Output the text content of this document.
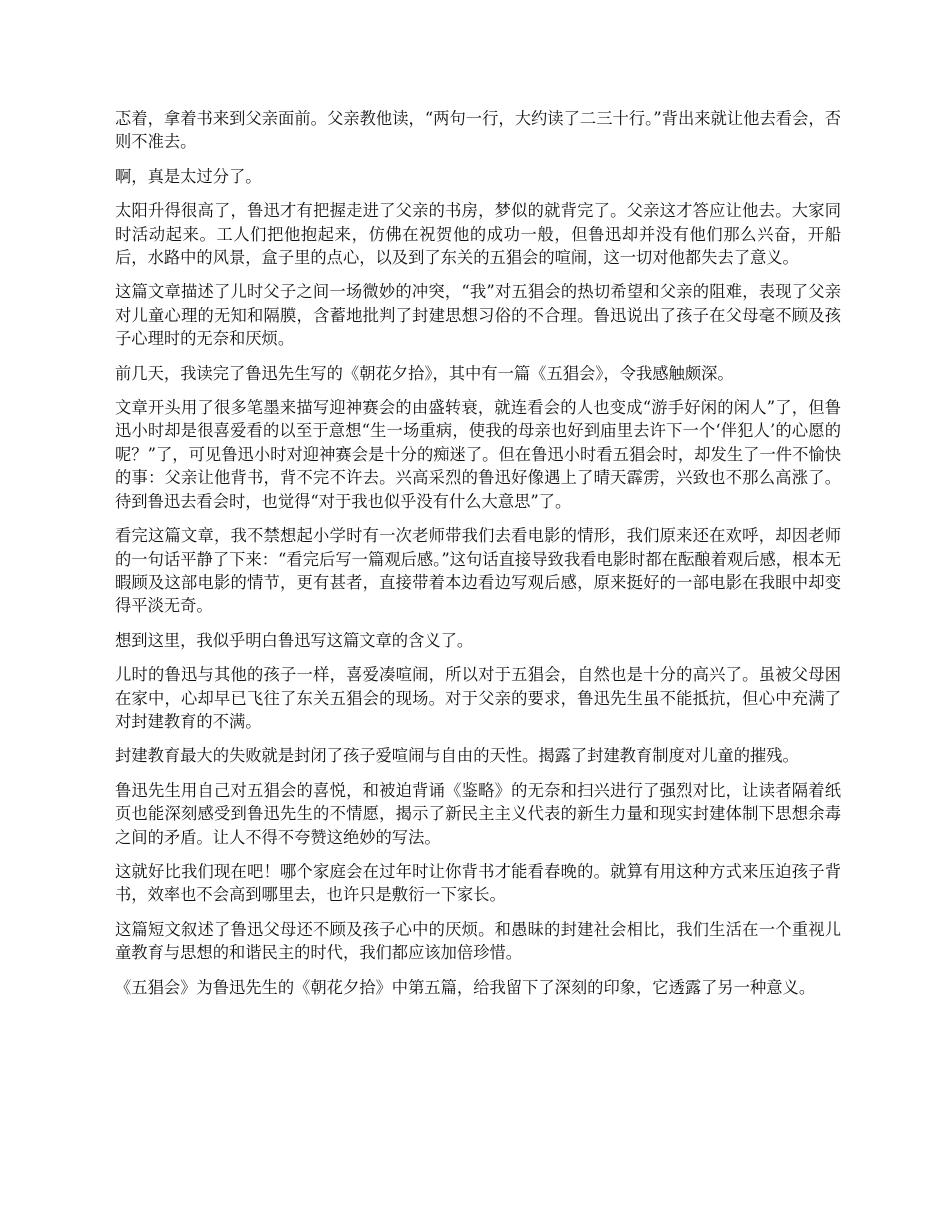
忑着，拿着书来到父亲面前。父亲教他读，“两句一行，大约读了二三十行。”背出来就让他去看会，否则不准去。

啊，真是太过分了。

太阳升得很高了，鲁迅才有把握走进了父亲的书房，梦似的就背完了。父亲这才答应让他去。大家同时活动起来。工人们把他抱起来，仿佛在祝贺他的成功一般，但鲁迅却并没有他们那么兴奋，开船后，水路中的风景，盒子里的点心，以及到了东关的五猖会的喧闹，这一切对他都失去了意义。

这篇文章描述了儿时父子之间一场微妙的冲突，“我”对五猖会的热切希望和父亲的阻难，表现了父亲对儿童心理的无知和隔膜，含蓄地批判了封建思想习俗的不合理。鲁迅说出了孩子在父母毫不顾及孩子心理时的无奈和厌烦。

前几天，我读完了鲁迅先生写的《朝花夕拾》，其中有一篇《五猖会》，令我感触颇深。

文章开头用了很多笔墨来描写迎神赛会的由盛转衰，就连看会的人也变成“游手好闲的闲人”了，但鲁迅小时却是很喜爱看的以至于意想“生一场重病，使我的母亲也好到庙里去许下一个‘伴犯人’的心愿的呢？”了，可见鲁迅小时对迎神赛会是十分的痴迷了。但在鲁迅小时看五猖会时，却发生了一件不愉快的事：父亲让他背书，背不完不许去。兴高采烈的鲁迅好像遇上了晴天霹雳，兴致也不那么高涨了。待到鲁迅去看会时，也觉得“对于我也似乎没有什么大意思”了。

看完这篇文章，我不禁想起小学时有一次老师带我们去看电影的情形，我们原来还在欢呼，却因老师的一句话平静了下来：“看完后写一篇观后感。”这句话直接导致我看电影时都在酝酿着观后感，根本无暇顾及这部电影的情节，更有甚者，直接带着本边看边写观后感，原来挺好的一部电影在我眼中却变得平淡无奇。

想到这里，我似乎明白鲁迅写这篇文章的含义了。

儿时的鲁迅与其他的孩子一样，喜爱凑喧闹，所以对于五猖会，自然也是十分的高兴了。虽被父母困在家中，心却早已飞往了东关五猖会的现场。对于父亲的要求，鲁迅先生虽不能抵抗，但心中充满了对封建教育的不满。

封建教育最大的失败就是封闭了孩子爱喧闹与自由的天性。揭露了封建教育制度对儿童的摧残。

鲁迅先生用自己对五猖会的喜悦，和被迫背诵《鉴略》的无奈和扫兴进行了强烈对比，让读者隔着纸页也能深刻感受到鲁迅先生的不情愿，揭示了新民主主义代表的新生力量和现实封建体制下思想余毒之间的矛盾。让人不得不夸赞这绝妙的写法。

这就好比我们现在吧！哪个家庭会在过年时让你背书才能看春晚的。就算有用这种方式来压迫孩子背书，效率也不会高到哪里去，也许只是敷衍一下家长。

这篇短文叙述了鲁迅父母还不顾及孩子心中的厌烦。和愚昧的封建社会相比，我们生活在一个重视儿童教育与思想的和谐民主的时代，我们都应该加倍珍惜。

《五猖会》为鲁迅先生的《朝花夕拾》中第五篇，给我留下了深刻的印象，它透露了另一种意义。
